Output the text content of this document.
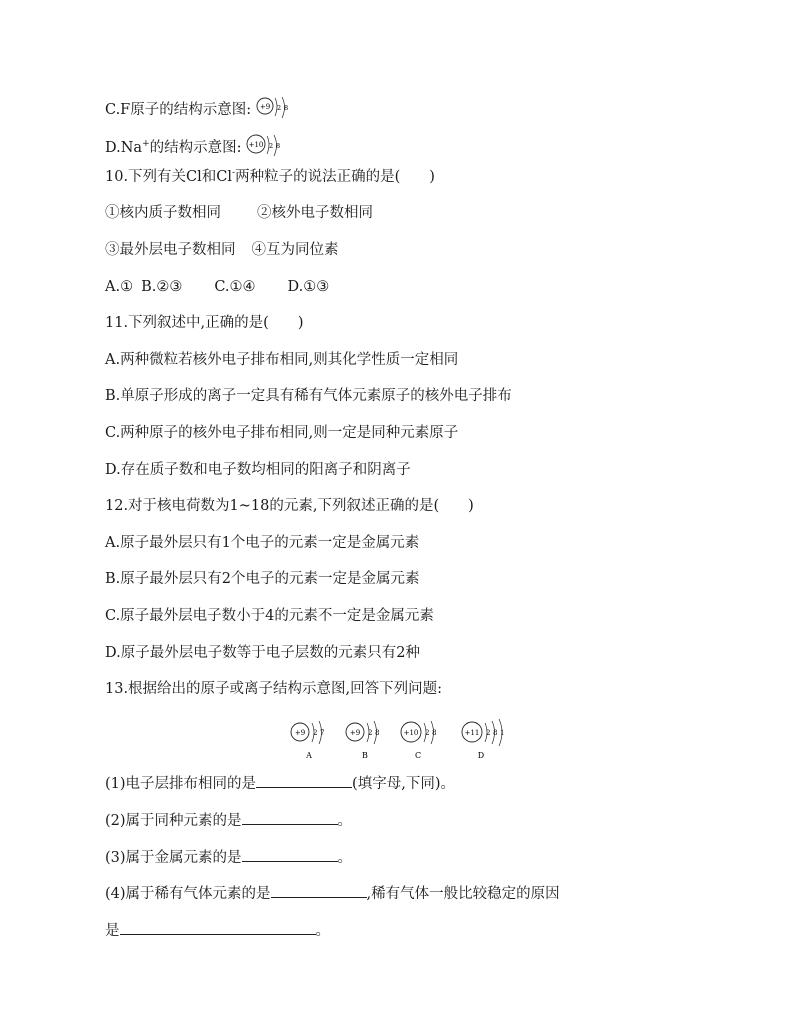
C.F原子的结构示意图: +9 2 8
D.Na+的结构示意图: +10 2 8
10.下列有关Cl和Cl-两种粒子的说法正确的是(　　)
①核内质子数相同 ②核外电子数相同
③最外层电子数相同 ④互为同位素
A.① B.②③ C.①④ D.①③
11.下列叙述中,正确的是(　　)
A.两种微粒若核外电子排布相同,则其化学性质一定相同
B.单原子形成的离子一定具有稀有气体元素原子的核外电子排布
C.两种原子的核外电子排布相同,则一定是同种元素原子
D.存在质子数和电子数均相同的阳离子和阴离子
12.对于核电荷数为1~18的元素,下列叙述正确的是(　　)
A.原子最外层只有1个电子的元素一定是金属元素
B.原子最外层只有2个电子的元素一定是金属元素
C.原子最外层电子数小于4的元素不一定是金属元素
D.原子最外层电子数等于电子层数的元素只有2种
13.根据给出的原子或离子结构示意图,回答下列问题:
+9 2 7
A
+9 2 8
B
+10 2 8
C
+11 2 8 1
D
(1)电子层排布相同的是	(填字母,下同)。
(2)属于同种元素的是	。
(3)属于金属元素的是	。
(4)属于稀有气体元素的是	,稀有气体一般比较稳定的原因
是	。
